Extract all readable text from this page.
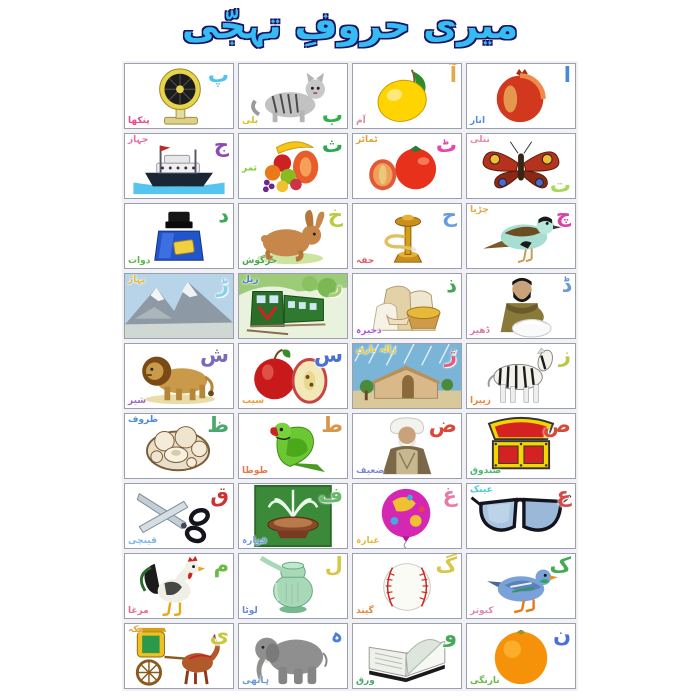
میری حروفِ تہجّی
پ
پنکھا	ب
بلی
آ
آم
ا
انار
ج
جہاز	ث
ثمر
ٹ
ٹماٹر
ت
تتلی
د
دوات
خ
خرگوش
ح
حقہ
چ
چڑیا
ڑ
پہاڑ	ر
ریل	ذ
ذخیرہ
ڈ
ڈھیر
ش
شیر
س
سیب
ژ
ژالہ باری	ز
زیبرا
ظ
ظروف	ط
طوطا
ض
ضعیف
ص
صندوق
ق
قینچی
ف
فوارہ
غ
غبارہ
ع
عینک
م
مرغا
ل
لوٹا
گ
گیند
ک
کبوتر
ی
یکہ	ہ
ہاتھی
و
ورق
ن
نارنگی
